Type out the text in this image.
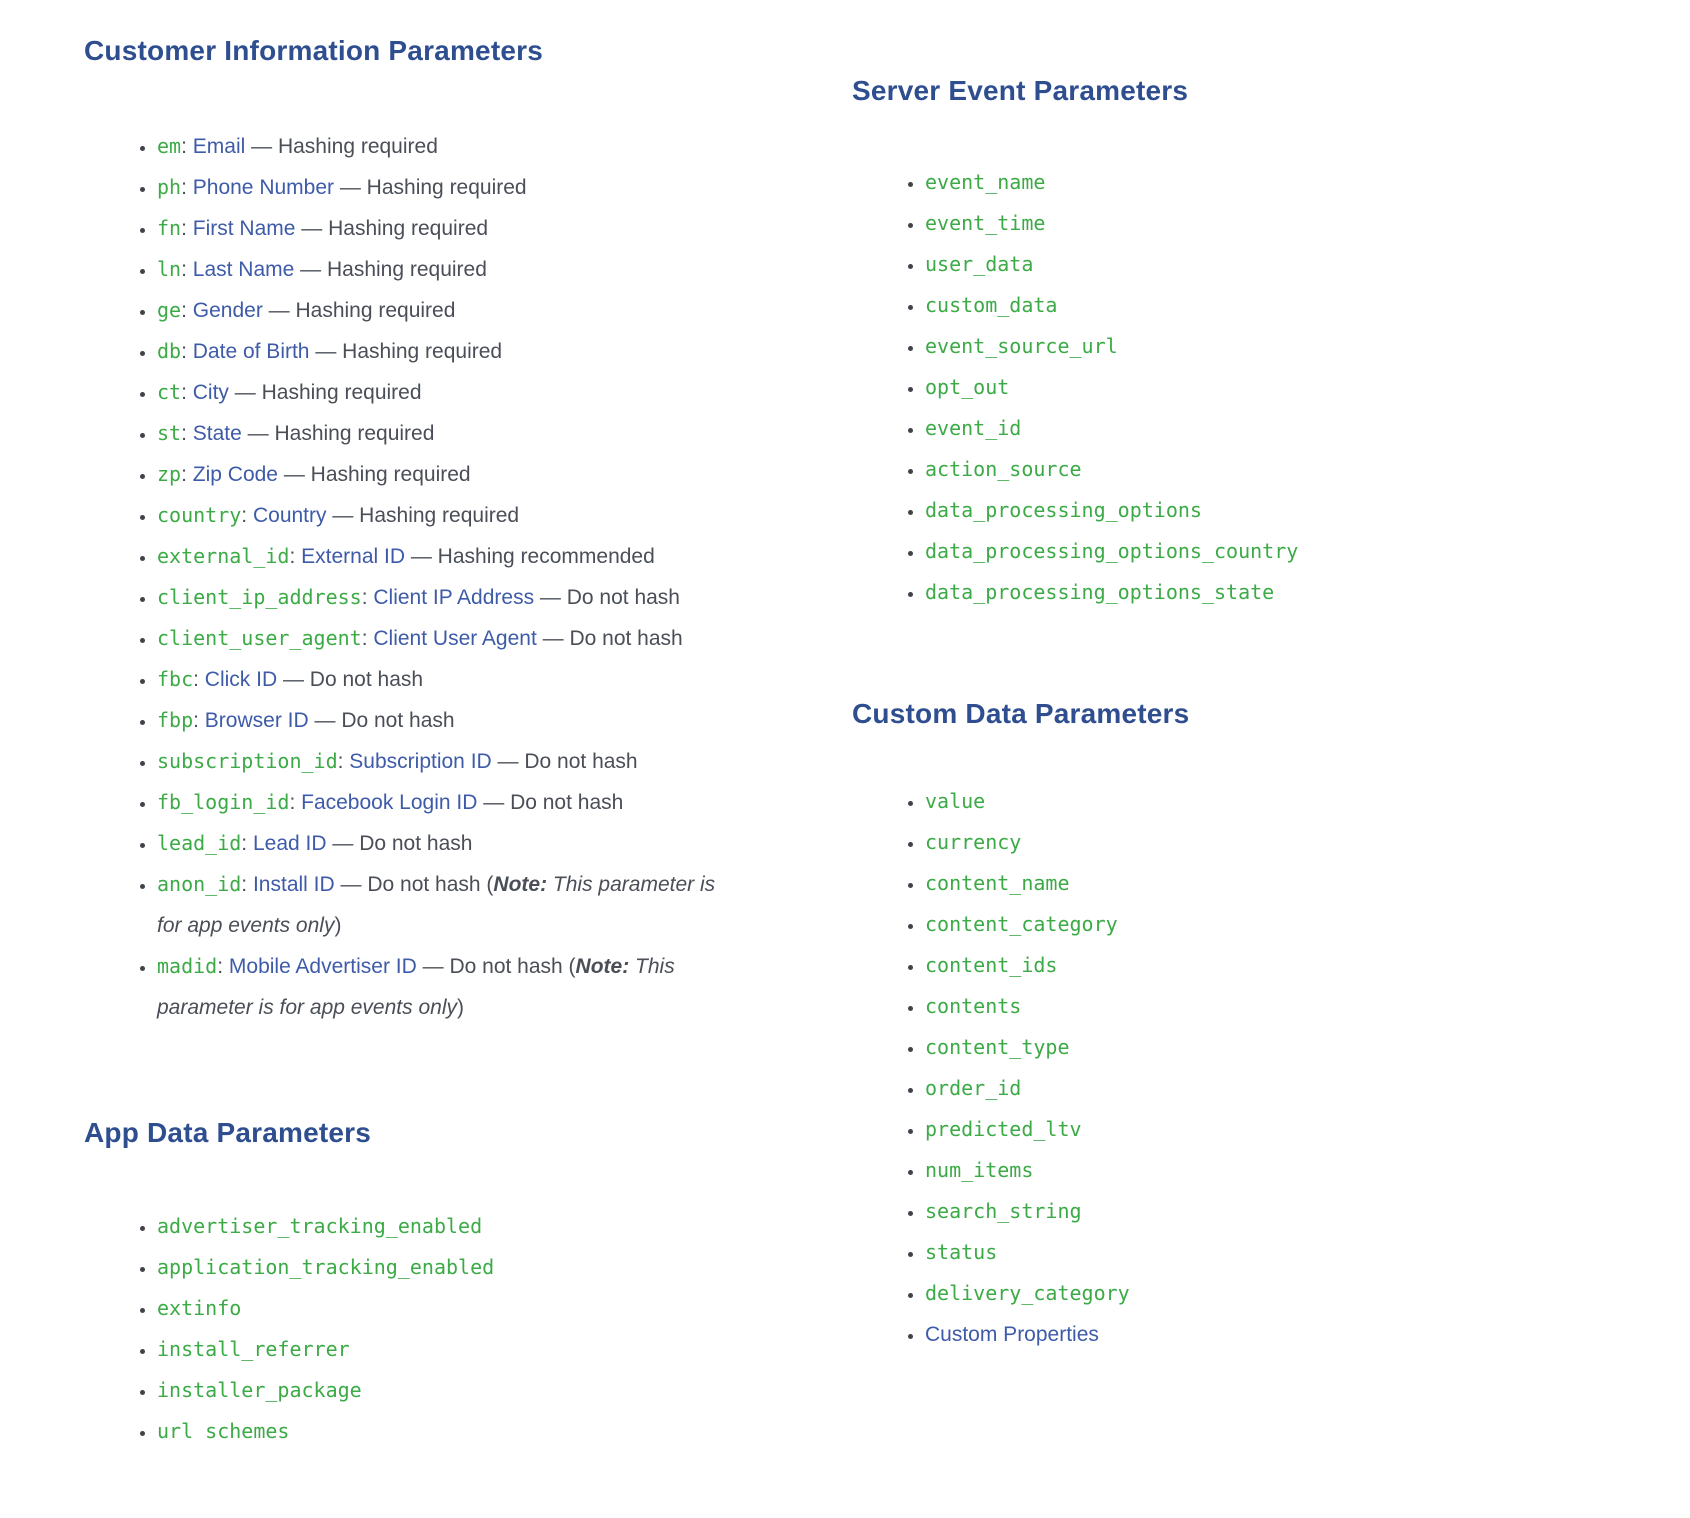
Customer Information Parameters
• em: Email — Hashing required
• ph: Phone Number — Hashing required
• fn: First Name — Hashing required
• ln: Last Name — Hashing required
• ge: Gender — Hashing required
• db: Date of Birth — Hashing required
• ct: City — Hashing required
• st: State — Hashing required
• zp: Zip Code — Hashing required
• country: Country — Hashing required
• external_id: External ID — Hashing recommended
• client_ip_address: Client IP Address — Do not hash
• client_user_agent: Client User Agent — Do not hash
• fbc: Click ID — Do not hash
• fbp: Browser ID — Do not hash
• subscription_id: Subscription ID — Do not hash
• fb_login_id: Facebook Login ID — Do not hash
• lead_id: Lead ID — Do not hash
• anon_id: Install ID — Do not hash (Note: This parameter is for app events only)
• madid: Mobile Advertiser ID — Do not hash (Note: This parameter is for app events only)
App Data Parameters
• advertiser_tracking_enabled
• application_tracking_enabled
• extinfo
• install_referrer
• installer_package
• url schemes
Server Event Parameters
• event_name
• event_time
• user_data
• custom_data
• event_source_url
• opt_out
• event_id
• action_source
• data_processing_options
• data_processing_options_country
• data_processing_options_state
Custom Data Parameters
• value
• currency
• content_name
• content_category
• content_ids
• contents
• content_type
• order_id
• predicted_ltv
• num_items
• search_string
• status
• delivery_category
• Custom Properties
